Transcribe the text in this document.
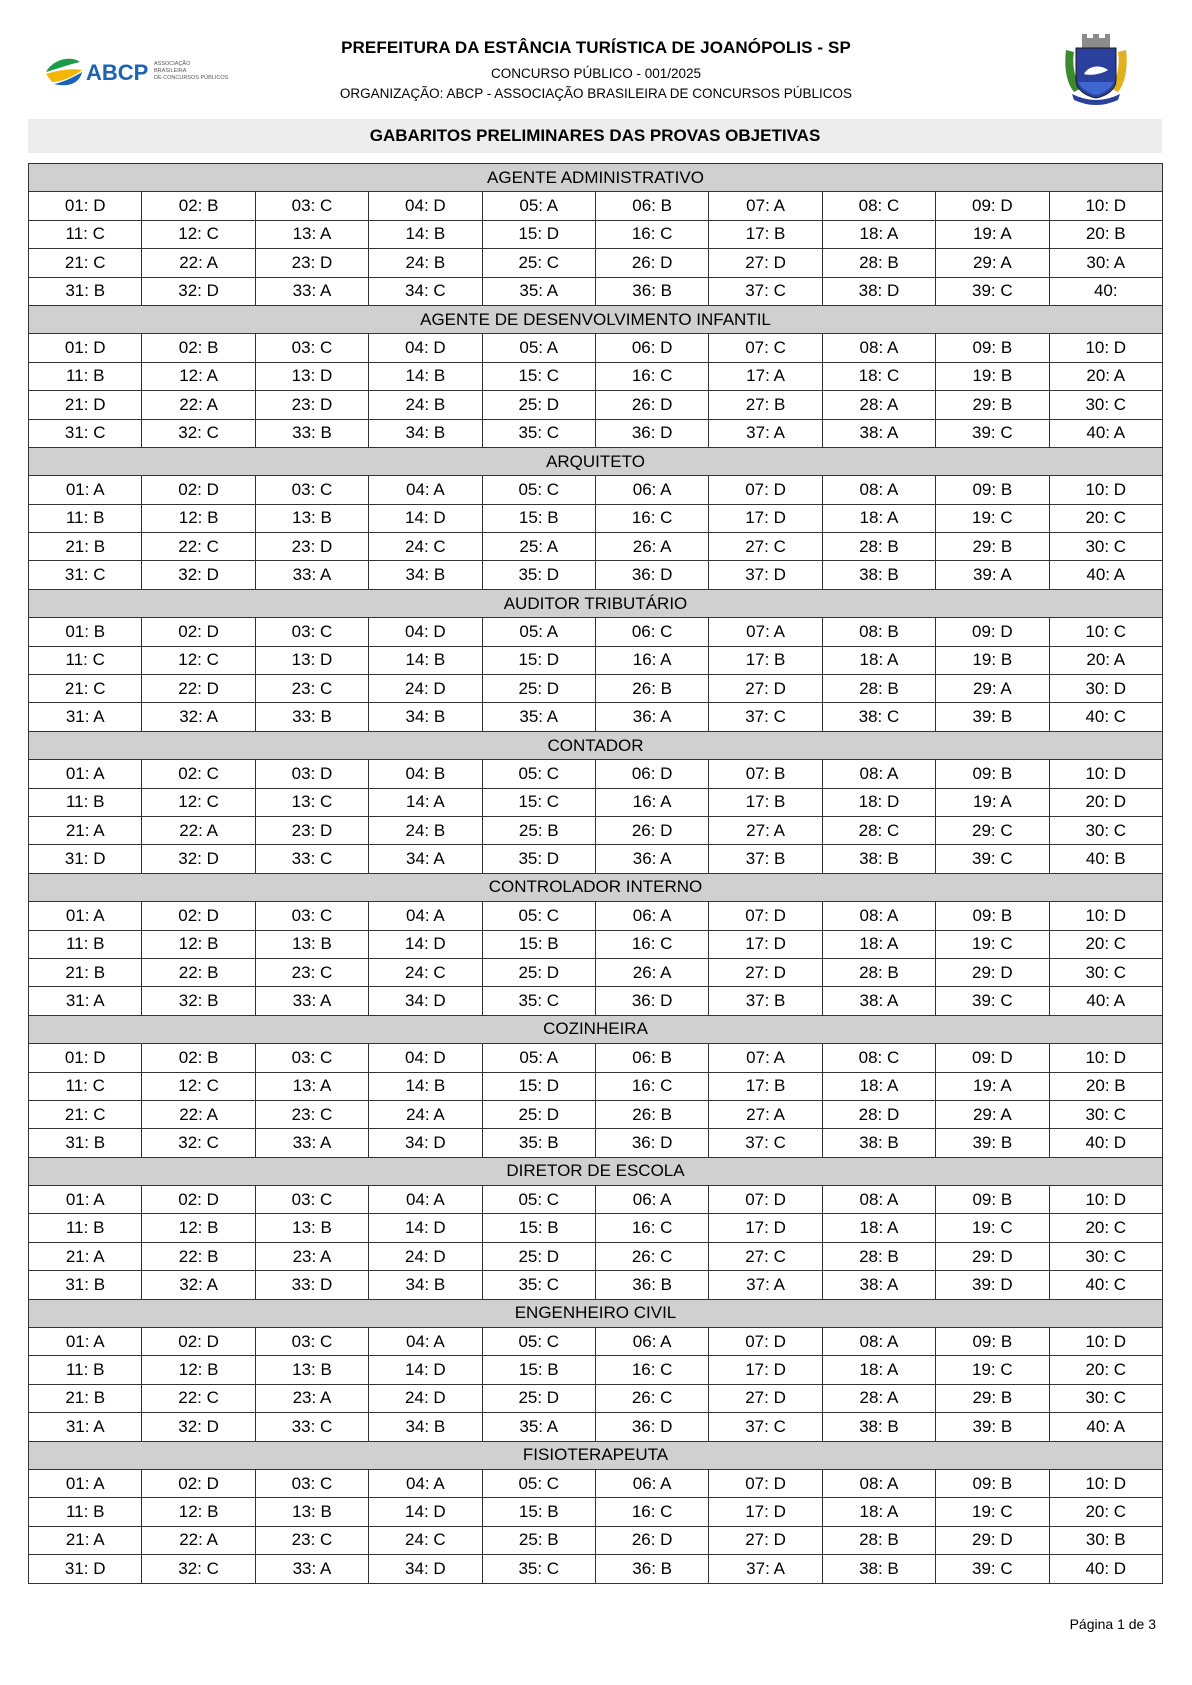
ABCP ASSOCIAÇÃO
BRASILEIRA
DE CONCURSOS PÚBLICOS
PREFEITURA DA ESTÂNCIA TURÍSTICA DE JOANÓPOLIS - SP
CONCURSO PÚBLICO - 001/2025
ORGANIZAÇÃO: ABCP - ASSOCIAÇÃO BRASILEIRA DE CONCURSOS PÚBLICOS
GABARITOS PRELIMINARES DAS PROVAS OBJETIVAS
AGENTE ADMINISTRATIVO									
01: D	02: B	03: C	04: D	05: A	06: B	07: A	08: C	09: D	10: D
11: C	12: C	13: A	14: B	15: D	16: C	17: B	18: A	19: A	20: B
21: C	22: A	23: D	24: B	25: C	26: D	27: D	28: B	29: A	30: A
31: B	32: D	33: A	34: C	35: A	36: B	37: C	38: D	39: C	40:
AGENTE DE DESENVOLVIMENTO INFANTIL									
01: D	02: B	03: C	04: D	05: A	06: D	07: C	08: A	09: B	10: D
11: B	12: A	13: D	14: B	15: C	16: C	17: A	18: C	19: B	20: A
21: D	22: A	23: D	24: B	25: D	26: D	27: B	28: A	29: B	30: C
31: C	32: C	33: B	34: B	35: C	36: D	37: A	38: A	39: C	40: A
ARQUITETO									
01: A	02: D	03: C	04: A	05: C	06: A	07: D	08: A	09: B	10: D
11: B	12: B	13: B	14: D	15: B	16: C	17: D	18: A	19: C	20: C
21: B	22: C	23: D	24: C	25: A	26: A	27: C	28: B	29: B	30: C
31: C	32: D	33: A	34: B	35: D	36: D	37: D	38: B	39: A	40: A
AUDITOR TRIBUTÁRIO									
01: B	02: D	03: C	04: D	05: A	06: C	07: A	08: B	09: D	10: C
11: C	12: C	13: D	14: B	15: D	16: A	17: B	18: A	19: B	20: A
21: C	22: D	23: C	24: D	25: D	26: B	27: D	28: B	29: A	30: D
31: A	32: A	33: B	34: B	35: A	36: A	37: C	38: C	39: B	40: C
CONTADOR									
01: A	02: C	03: D	04: B	05: C	06: D	07: B	08: A	09: B	10: D
11: B	12: C	13: C	14: A	15: C	16: A	17: B	18: D	19: A	20: D
21: A	22: A	23: D	24: B	25: B	26: D	27: A	28: C	29: C	30: C
31: D	32: D	33: C	34: A	35: D	36: A	37: B	38: B	39: C	40: B
CONTROLADOR INTERNO									
01: A	02: D	03: C	04: A	05: C	06: A	07: D	08: A	09: B	10: D
11: B	12: B	13: B	14: D	15: B	16: C	17: D	18: A	19: C	20: C
21: B	22: B	23: C	24: C	25: D	26: A	27: D	28: B	29: D	30: C
31: A	32: B	33: A	34: D	35: C	36: D	37: B	38: A	39: C	40: A
COZINHEIRA									
01: D	02: B	03: C	04: D	05: A	06: B	07: A	08: C	09: D	10: D
11: C	12: C	13: A	14: B	15: D	16: C	17: B	18: A	19: A	20: B
21: C	22: A	23: C	24: A	25: D	26: B	27: A	28: D	29: A	30: C
31: B	32: C	33: A	34: D	35: B	36: D	37: C	38: B	39: B	40: D
DIRETOR DE ESCOLA									
01: A	02: D	03: C	04: A	05: C	06: A	07: D	08: A	09: B	10: D
11: B	12: B	13: B	14: D	15: B	16: C	17: D	18: A	19: C	20: C
21: A	22: B	23: A	24: D	25: D	26: C	27: C	28: B	29: D	30: C
31: B	32: A	33: D	34: B	35: C	36: B	37: A	38: A	39: D	40: C
ENGENHEIRO CIVIL									
01: A	02: D	03: C	04: A	05: C	06: A	07: D	08: A	09: B	10: D
11: B	12: B	13: B	14: D	15: B	16: C	17: D	18: A	19: C	20: C
21: B	22: C	23: A	24: D	25: D	26: C	27: D	28: A	29: B	30: C
31: A	32: D	33: C	34: B	35: A	36: D	37: C	38: B	39: B	40: A
FISIOTERAPEUTA									
01: A	02: D	03: C	04: A	05: C	06: A	07: D	08: A	09: B	10: D
11: B	12: B	13: B	14: D	15: B	16: C	17: D	18: A	19: C	20: C
21: A	22: A	23: C	24: C	25: B	26: D	27: D	28: B	29: D	30: B
31: D	32: C	33: A	34: D	35: C	36: B	37: A	38: B	39: C	40: D
Página 1 de 3
